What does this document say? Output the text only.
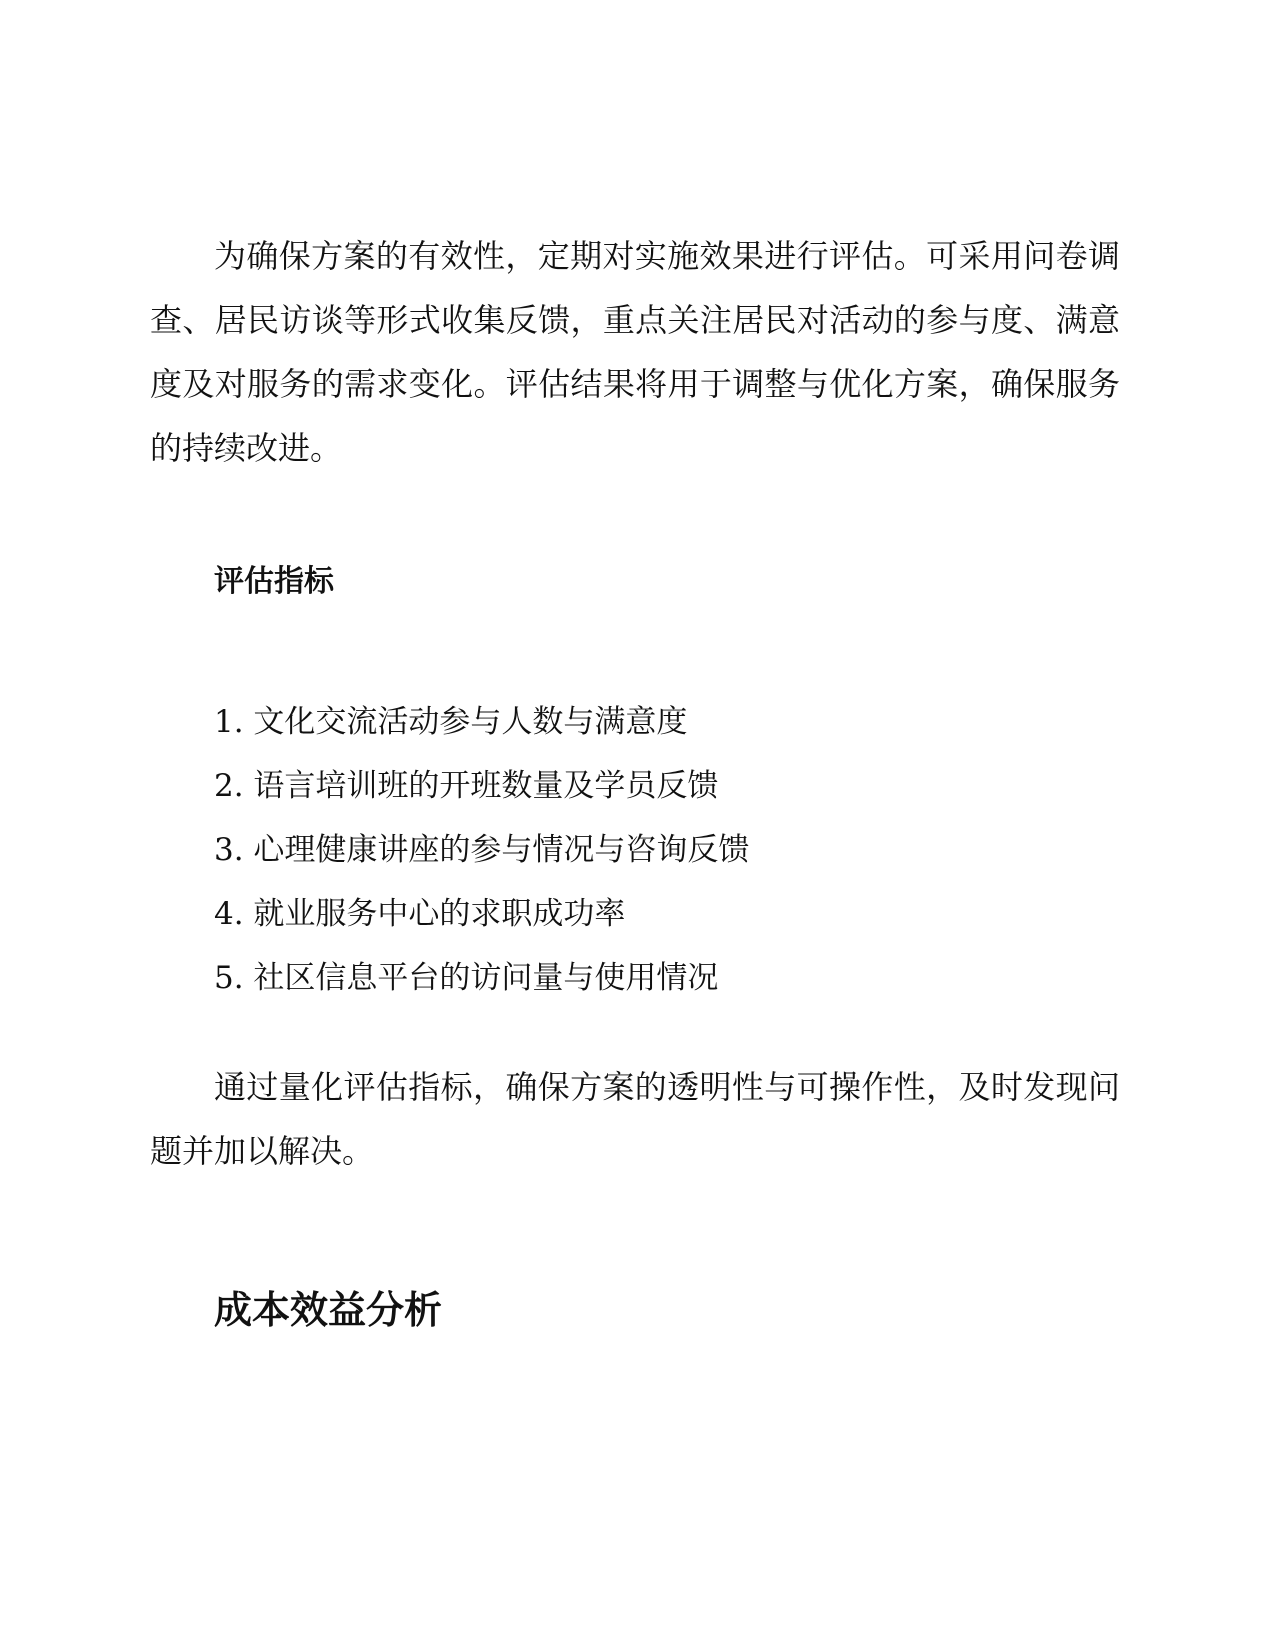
为确保方案的有效性，定期对实施效果进行评估。可采用问卷调查、居民访谈等形式收集反馈，重点关注居民对活动的参与度、满意度及对服务的需求变化。评估结果将用于调整与优化方案，确保服务的持续改进。

评估指标
1. 文化交流活动参与人数与满意度
2. 语言培训班的开班数量及学员反馈
3. 心理健康讲座的参与情况与咨询反馈
4. 就业服务中心的求职成功率
5. 社区信息平台的访问量与使用情况

通过量化评估指标，确保方案的透明性与可操作性，及时发现问题并加以解决。

成本效益分析
